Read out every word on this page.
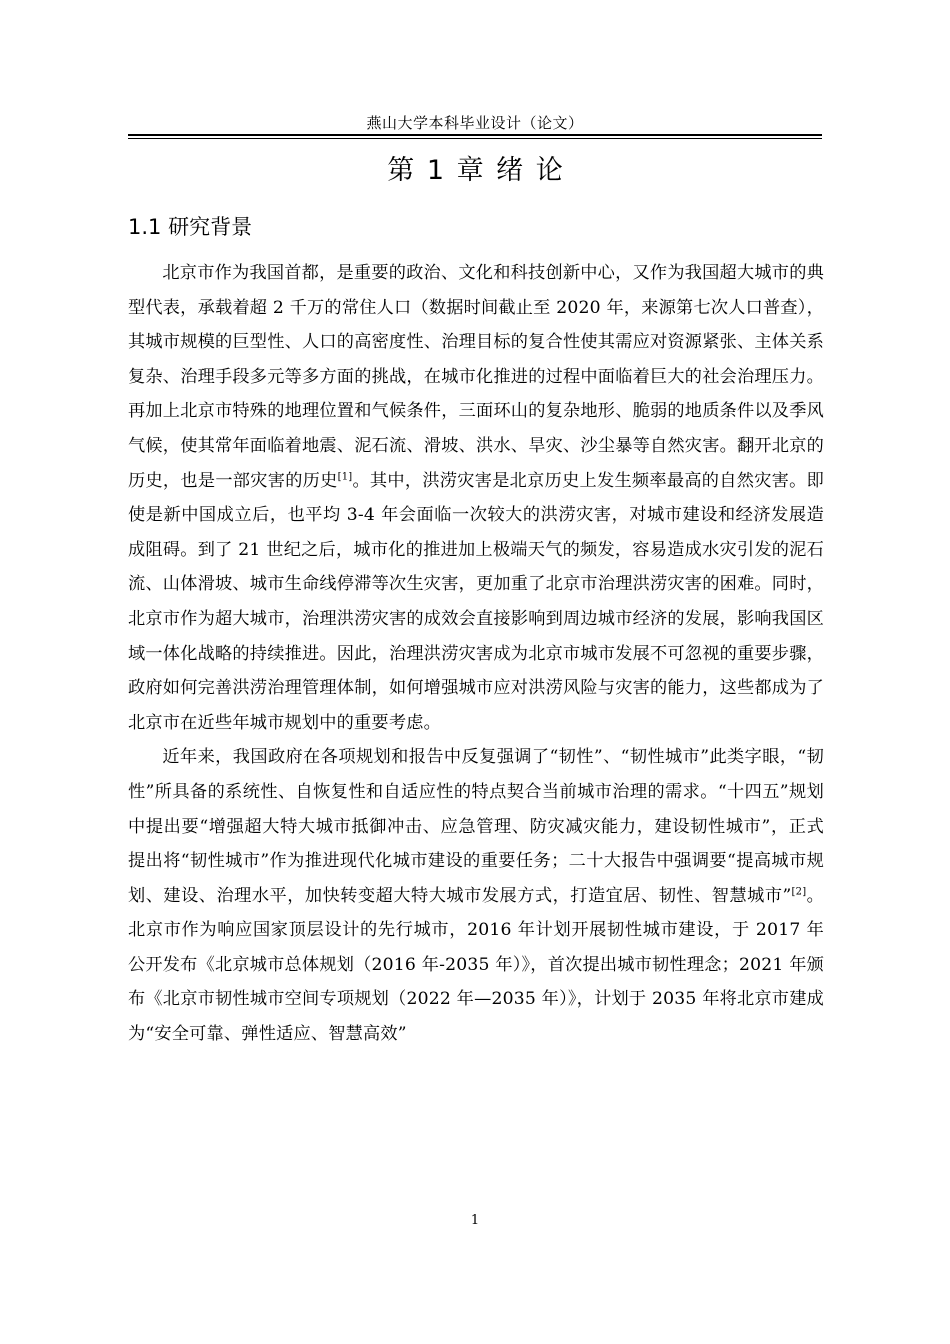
燕山大学本科毕业设计（论文）
第 1 章 绪 论
1.1 研究背景

北京市作为我国首都，是重要的政治、文化和科技创新中心，又作为我国超大城市的典型代表，承载着超 2 千万的常住人口（数据时间截止至 2020 年，来源第七次人口普查），其城市规模的巨型性、人口的高密度性、治理目标的复合性使其需应对资源紧张、主体关系复杂、治理手段多元等多方面的挑战，在城市化推进的过程中面临着巨大的社会治理压力。再加上北京市特殊的地理位置和气候条件，三面环山的复杂地形、脆弱的地质条件以及季风气候，使其常年面临着地震、泥石流、滑坡、洪水、旱灾、沙尘暴等自然灾害。翻开北京的历史，也是一部灾害的历史[1]。其中，洪涝灾害是北京历史上发生频率最高的自然灾害。即使是新中国成立后，也平均 3-4 年会面临一次较大的洪涝灾害，对城市建设和经济发展造成阻碍。到了 21 世纪之后，城市化的推进加上极端天气的频发，容易造成水灾引发的泥石流、山体滑坡、城市生命线停滞等次生灾害，更加重了北京市治理洪涝灾害的困难。同时，北京市作为超大城市，治理洪涝灾害的成效会直接影响到周边城市经济的发展，影响我国区域一体化战略的持续推进。因此，治理洪涝灾害成为北京市城市发展不可忽视的重要步骤，政府如何完善洪涝治理管理体制，如何增强城市应对洪涝风险与灾害的能力，这些都成为了北京市在近些年城市规划中的重要考虑。

近年来，我国政府在各项规划和报告中反复强调了“韧性”、“韧性城市”此类字眼，“韧性”所具备的系统性、自恢复性和自适应性的特点契合当前城市治理的需求。“十四五”规划中提出要“增强超大特大城市抵御冲击、应急管理、防灾减灾能力，建设韧性城市”，正式提出将“韧性城市”作为推进现代化城市建设的重要任务；二十大报告中强调要“提高城市规划、建设、治理水平，加快转变超大特大城市发展方式，打造宜居、韧性、智慧城市”[2]。北京市作为响应国家顶层设计的先行城市，2016 年计划开展韧性城市建设，于 2017 年公开发布《北京城市总体规划（2016 年-2035 年）》，首次提出城市韧性理念；2021 年颁布《北京市韧性城市空间专项规划（2022 年—2035 年）》，计划于 2035 年将北京市建成为“安全可靠、弹性适应、智慧高效”

1
